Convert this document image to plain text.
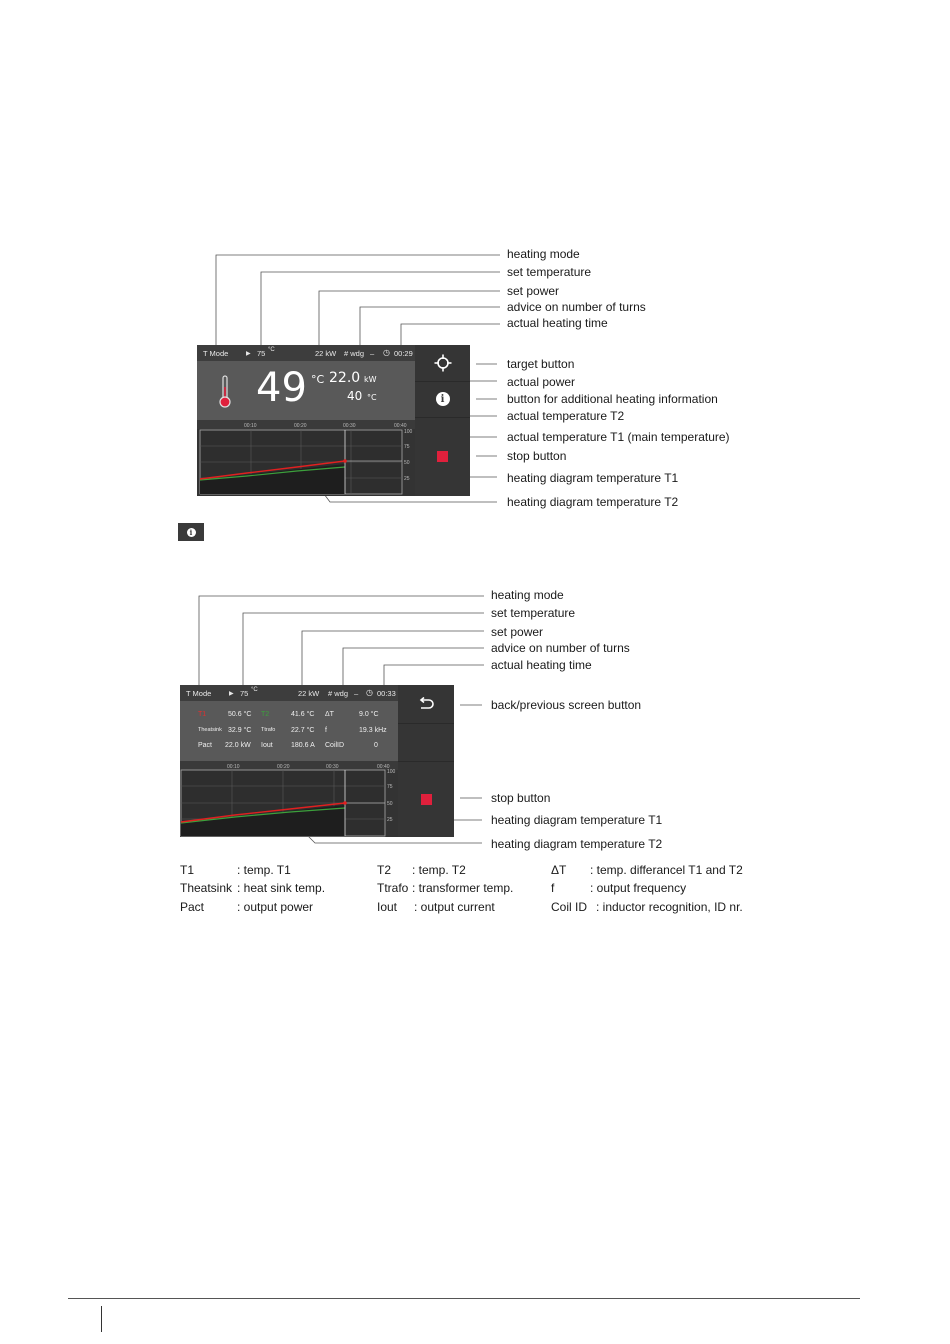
T Mode	▶ 75 °C	22 kW # wdg – ◷ 00:29
49 °C 22.0 kW
40 °C
00:10	00:20	00:30	00:40
100
75
50
25
i
heating mode
set temperature
set power
advice on number of turns
actual heating time
target button
actual power
button for additional heating information
actual temperature T2
actual temperature T1 (main temperature)
stop button
heating diagram temperature T1
heating diagram temperature T2
i
T Mode	▶ 75 °C	22 kW # wdg – ◷ 00:33
T1	50.6 °C T2	41.6 °C ΔT	9.0 °C
Theatsink 32.9 °C Ttrafo 22.7 °C f	19.3 kHz
Pact 22.0 kW Iout	180.6 A CoilID	0
00:10	00:20	00:30	00:40
100
75
50
25
heating mode
set temperature
set power
advice on number of turns
actual heating time
back/previous screen button
stop button
heating diagram temperature T1
heating diagram temperature T2
T1	: temp. T1	T2 : temp. T2	ΔT : temp. differancel T1 and T2
Theatsink : heat sink temp.	Ttrafo : transformer temp.	f	: output frequency
Pact	: output power	Iout : output current	Coil ID : inductor recognition, ID nr.
